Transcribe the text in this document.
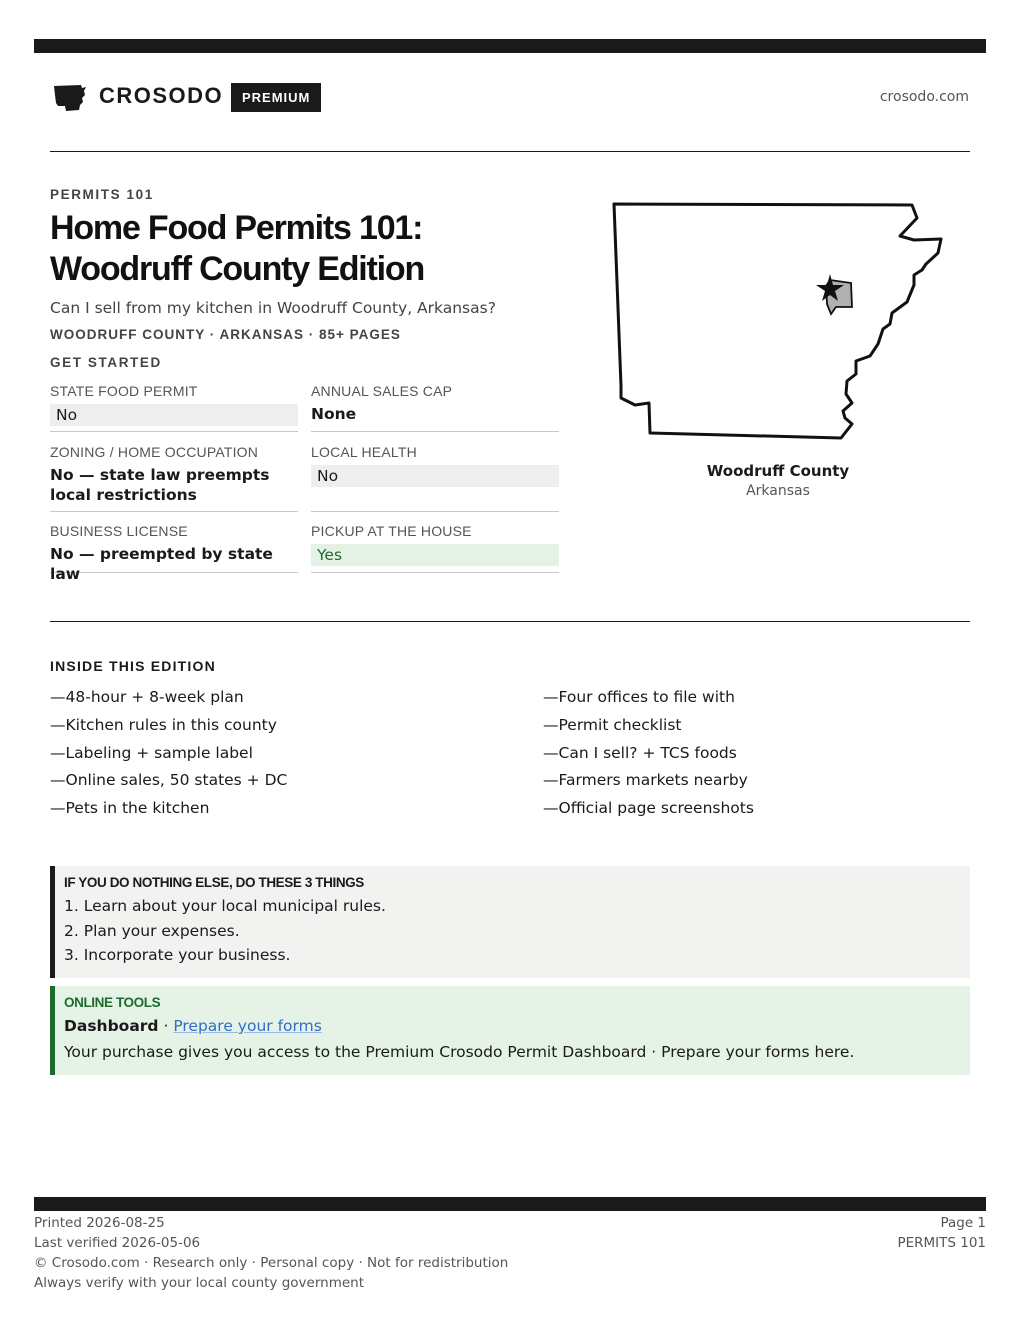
CROSODO	PREMIUM	crosodo.com
PERMITS 101
Home Food Permits 101: Woodruff County Edition
Can I sell from my kitchen in Woodruff County, Arkansas?
WOODRUFF COUNTY · ARKANSAS · 85+ PAGES
GET STARTED
STATE FOOD PERMIT
No
ANNUAL SALES CAP
None
ZONING / HOME OCCUPATION
No — state law preempts local restrictions
LOCAL HEALTH
No
BUSINESS LICENSE
No — preempted by state law
PICKUP AT THE HOUSE
Yes
Woodruff County
Arkansas
INSIDE THIS EDITION
—48-hour + 8-week plan
—Kitchen rules in this county
—Labeling + sample label
—Online sales, 50 states + DC
—Pets in the kitchen
—Four offices to file with
—Permit checklist
—Can I sell? + TCS foods
—Farmers markets nearby
—Official page screenshots
IF YOU DO NOTHING ELSE, DO THESE 3 THINGS
1. Learn about your local municipal rules.
2. Plan your expenses.
3. Incorporate your business.
ONLINE TOOLS
Dashboard · Prepare your forms
Your purchase gives you access to the Premium Crosodo Permit Dashboard · Prepare your forms here.
Printed 2026-08-25
Last verified 2026-05-06
© Crosodo.com · Research only · Personal copy · Not for redistribution
Always verify with your local county government
Page 1
PERMITS 101
